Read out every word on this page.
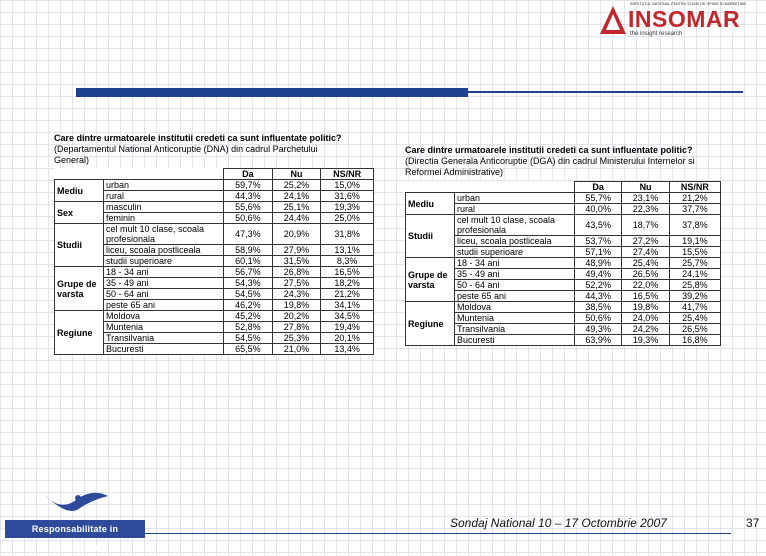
INSTITUTUL NATIONAL PENTRU STUDII DE OPINIE SI MARKETING
INSOMAR
the insight research
Care dintre urmatoarele institutii credeti ca sunt influentate politic? (Departamentul National Anticoruptie (DNA) din cadrul Parchetului General)
		Da	Nu	NS/NR
Mediu	urban	59,7%	25,2%	15,0%
	rural	44,3%	24,1%	31,6%
Sex	masculin	55,6%	25,1%	19,3%
	feminin	50,6%	24,4%	25,0%
Studii	cel mult 10 clase, scoala profesionala	47,3%	20,9%	31,8%
	liceu, scoala postliceala	58,9%	27,9%	13,1%
	studii superioare	60,1%	31,5%	8,3%
Grupe de varsta	18 - 34 ani	56,7%	26,8%	16,5%
	35 - 49 ani	54,3%	27,5%	18,2%
	50 - 64 ani	54,5%	24,3%	21,2%
	peste 65 ani	46,2%	19,8%	34,1%
Regiune	Moldova	45,2%	20,2%	34,5%
	Muntenia	52,8%	27,8%	19,4%
	Transilvania	54,5%	25,3%	20,1%
	Bucuresti	65,5%	21,0%	13,4%
Care dintre urmatoarele institutii credeti ca sunt influentate politic? (Directia Generala Anticoruptie (DGA) din cadrul Ministerului Internelor si Reformei Administrative)
		Da	Nu	NS/NR
Mediu	urban	55,7%	23,1%	21,2%
	rural	40,0%	22,3%	37,7%
Studii	cel mult 10 clase, scoala profesionala	43,5%	18,7%	37,8%
	liceu, scoala postliceala	53,7%	27,2%	19,1%
	studii superioare	57,1%	27,4%	15,5%
Grupe de varsta	18 - 34 ani	48,9%	25,4%	25,7%
	35 - 49 ani	49,4%	26,5%	24,1%
	50 - 64 ani	52,2%	22,0%	25,8%
	peste 65 ani	44,3%	16,5%	39,2%
Regiune	Moldova	38,5%	19,8%	41,7%
	Muntenia	50,6%	24,0%	25,4%
	Transilvania	49,3%	24,2%	26,5%
	Bucuresti	63,9%	19,3%	16,8%
Responsabilitate in Democratie
Sondaj National 10 – 17 Octombrie 2007	37
